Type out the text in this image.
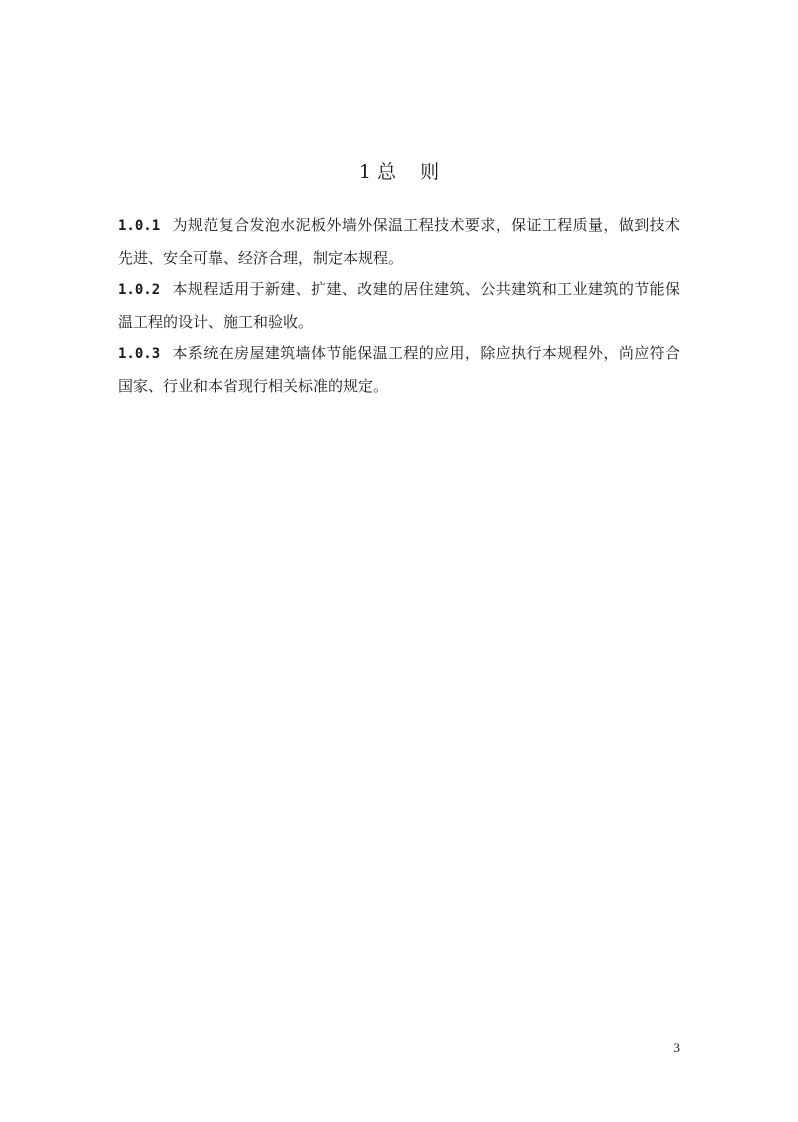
1 总    则

1.0.1 为规范复合发泡水泥板外墙外保温工程技术要求，保证工程质量，做到技术先进、安全可靠、经济合理，制定本规程。

1.0.2 本规程适用于新建、扩建、改建的居住建筑、公共建筑和工业建筑的节能保温工程的设计、施工和验收。

1.0.3 本系统在房屋建筑墙体节能保温工程的应用，除应执行本规程外，尚应符合国家、行业和本省现行相关标准的规定。

3
